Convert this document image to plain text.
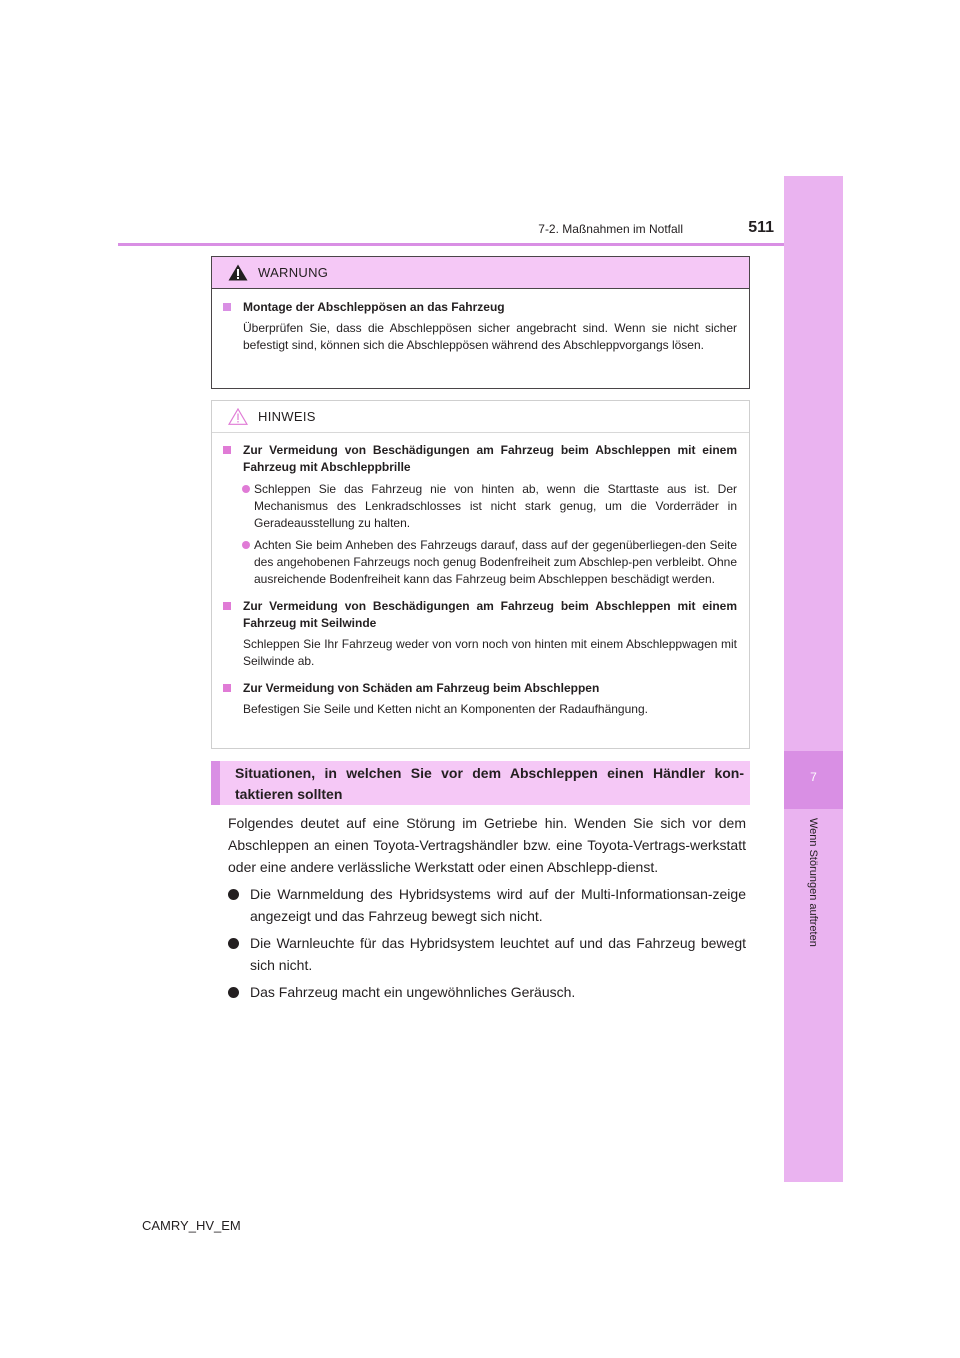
7
Wenn Störungen auftreten
7-2. Maßnahmen im Notfall	511
WARNUNG
Montage der Abschleppösen an das Fahrzeug
Überprüfen Sie, dass die Abschleppösen sicher angebracht sind. Wenn sie nicht sicher befestigt sind, können sich die Abschleppösen während des Abschleppvorgangs lösen.
HINWEIS
Zur Vermeidung von Beschädigungen am Fahrzeug beim Abschleppen mit einem Fahrzeug mit Abschleppbrille
Schleppen Sie das Fahrzeug nie von hinten ab, wenn die Starttaste aus ist. Der Mechanismus des Lenkradschlosses ist nicht stark genug, um die Vorderräder in Geradeausstellung zu halten.
Achten Sie beim Anheben des Fahrzeugs darauf, dass auf der gegenüberliegen-den Seite des angehobenen Fahrzeugs noch genug Bodenfreiheit zum Abschlep-pen verbleibt. Ohne ausreichende Bodenfreiheit kann das Fahrzeug beim Abschleppen beschädigt werden.
Zur Vermeidung von Beschädigungen am Fahrzeug beim Abschleppen mit einem Fahrzeug mit Seilwinde
Schleppen Sie Ihr Fahrzeug weder von vorn noch von hinten mit einem Abschleppwagen mit Seilwinde ab.
Zur Vermeidung von Schäden am Fahrzeug beim Abschleppen
Befestigen Sie Seile und Ketten nicht an Komponenten der Radaufhängung.
Situationen, in welchen Sie vor dem Abschleppen einen Händler kon-taktieren sollten
Folgendes deutet auf eine Störung im Getriebe hin. Wenden Sie sich vor dem Abschleppen an einen Toyota-Vertragshändler bzw. eine Toyota-Vertrags-werkstatt oder eine andere verlässliche Werkstatt oder einen Abschlepp-dienst.
Die Warnmeldung des Hybridsystems wird auf der Multi-Informationsan-zeige angezeigt und das Fahrzeug bewegt sich nicht.
Die Warnleuchte für das Hybridsystem leuchtet auf und das Fahrzeug bewegt sich nicht.
Das Fahrzeug macht ein ungewöhnliches Geräusch.
CAMRY_HV_EM
